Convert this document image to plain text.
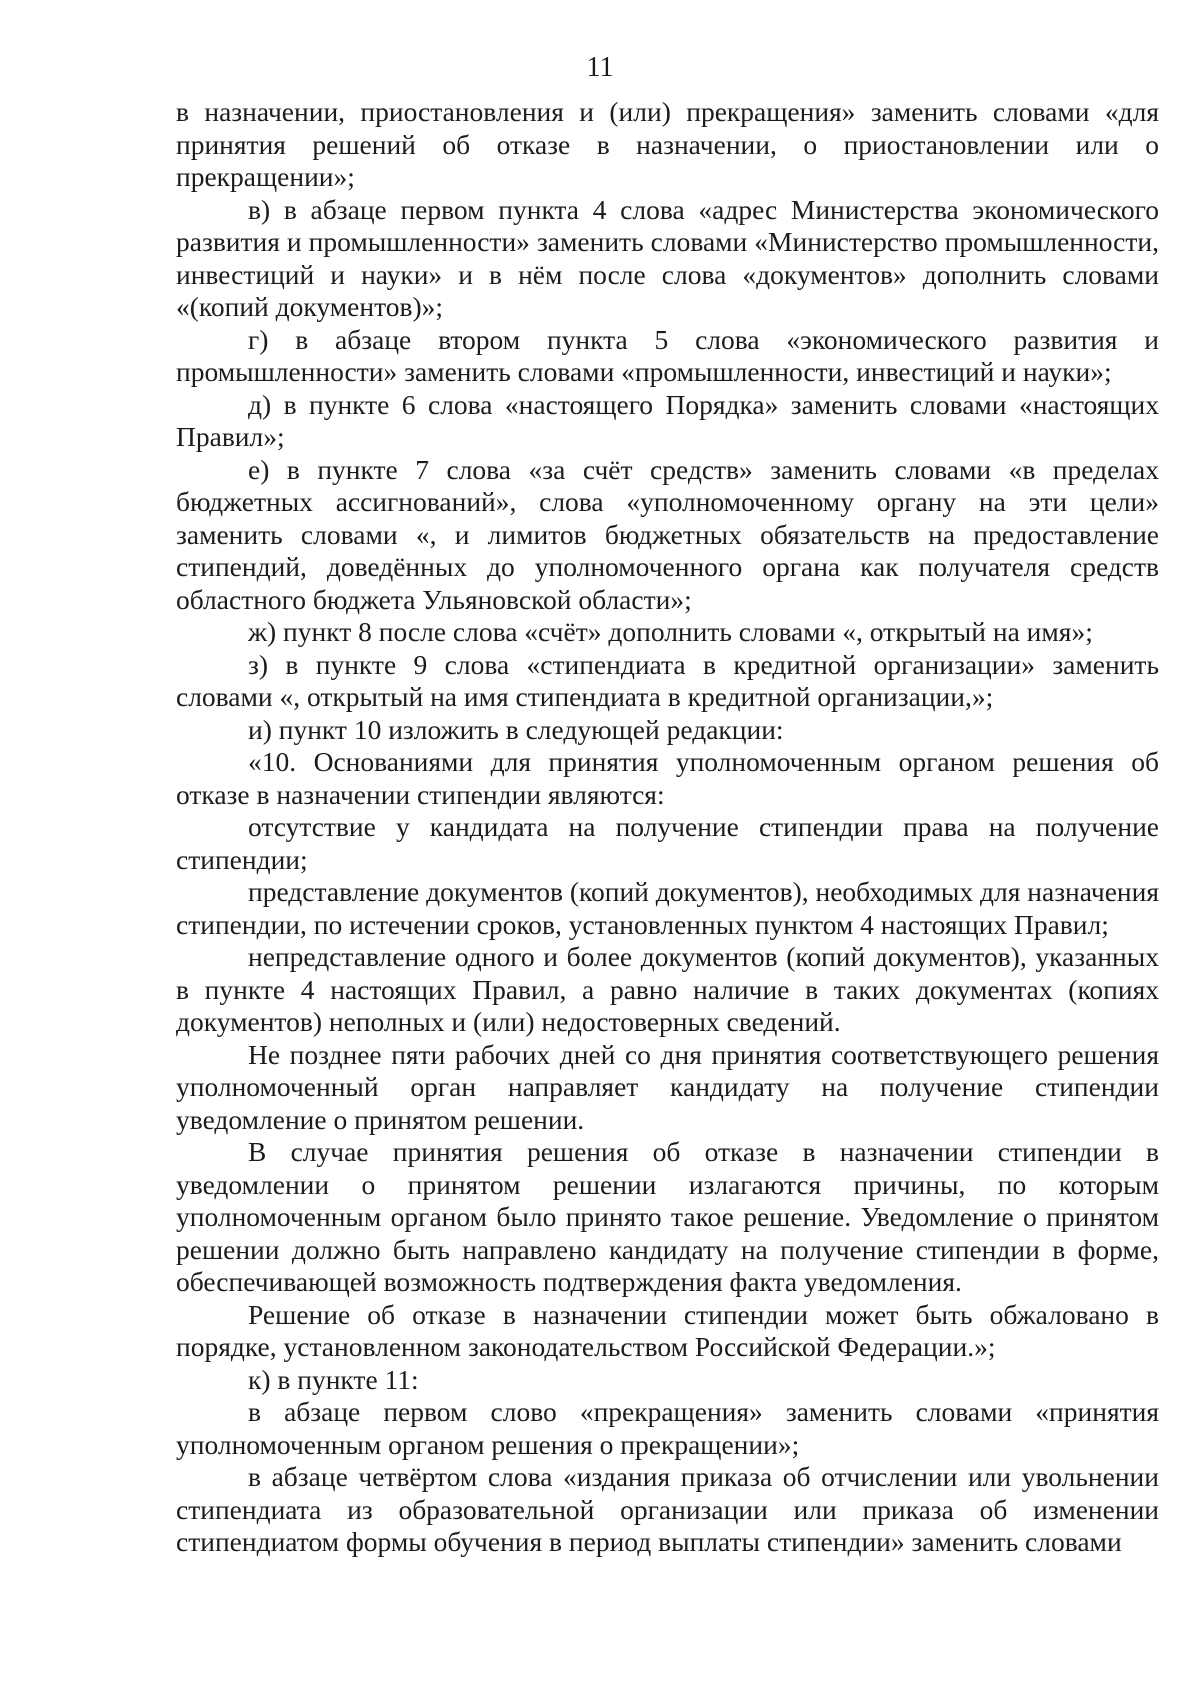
11

в назначении, приостановления и (или) прекращения» заменить словами «для принятия решений об отказе в назначении, о приостановлении или о прекращении»;

в) в абзаце первом пункта 4 слова «адрес Министерства экономического развития и промышленности» заменить словами «Министерство промышленности, инвестиций и науки» и в нём после слова «документов» дополнить словами «(копий документов)»;

г) в абзаце втором пункта 5 слова «экономического развития и промышленности» заменить словами «промышленности, инвестиций и науки»;

д) в пункте 6 слова «настоящего Порядка» заменить словами «настоящих Правил»;

е) в пункте 7 слова «за счёт средств» заменить словами «в пределах бюджетных ассигнований», слова «уполномоченному органу на эти цели» заменить словами «, и лимитов бюджетных обязательств на предоставление стипендий, доведённых до уполномоченного органа как получателя средств областного бюджета Ульяновской области»;

ж) пункт 8 после слова «счёт» дополнить словами «, открытый на имя»;

з) в пункте 9 слова «стипендиата в кредитной организации» заменить словами «, открытый на имя стипендиата в кредитной организации,»;

и) пункт 10 изложить в следующей редакции:

«10. Основаниями для принятия уполномоченным органом решения об отказе в назначении стипендии являются:

отсутствие у кандидата на получение стипендии права на получение стипендии;

представление документов (копий документов), необходимых для назначения стипендии, по истечении сроков, установленных пунктом 4 настоящих Правил;

непредставление одного и более документов (копий документов), указанных в пункте 4 настоящих Правил, а равно наличие в таких документах (копиях документов) неполных и (или) недостоверных сведений.

Не позднее пяти рабочих дней со дня принятия соответствующего решения уполномоченный орган направляет кандидату на получение стипендии уведомление о принятом решении.

В случае принятия решения об отказе в назначении стипендии в уведомлении о принятом решении излагаются причины, по которым уполномоченным органом было принято такое решение. Уведомление о принятом решении должно быть направлено кандидату на получение стипендии в форме, обеспечивающей возможность подтверждения факта уведомления.

Решение об отказе в назначении стипендии может быть обжаловано в порядке, установленном законодательством Российской Федерации.»;

к) в пункте 11:

в абзаце первом слово «прекращения» заменить словами «принятия уполномоченным органом решения о прекращении»;

в абзаце четвёртом слова «издания приказа об отчислении или увольнении стипендиата из образовательной организации или приказа об изменении стипендиатом формы обучения в период выплаты стипендии» заменить словами
